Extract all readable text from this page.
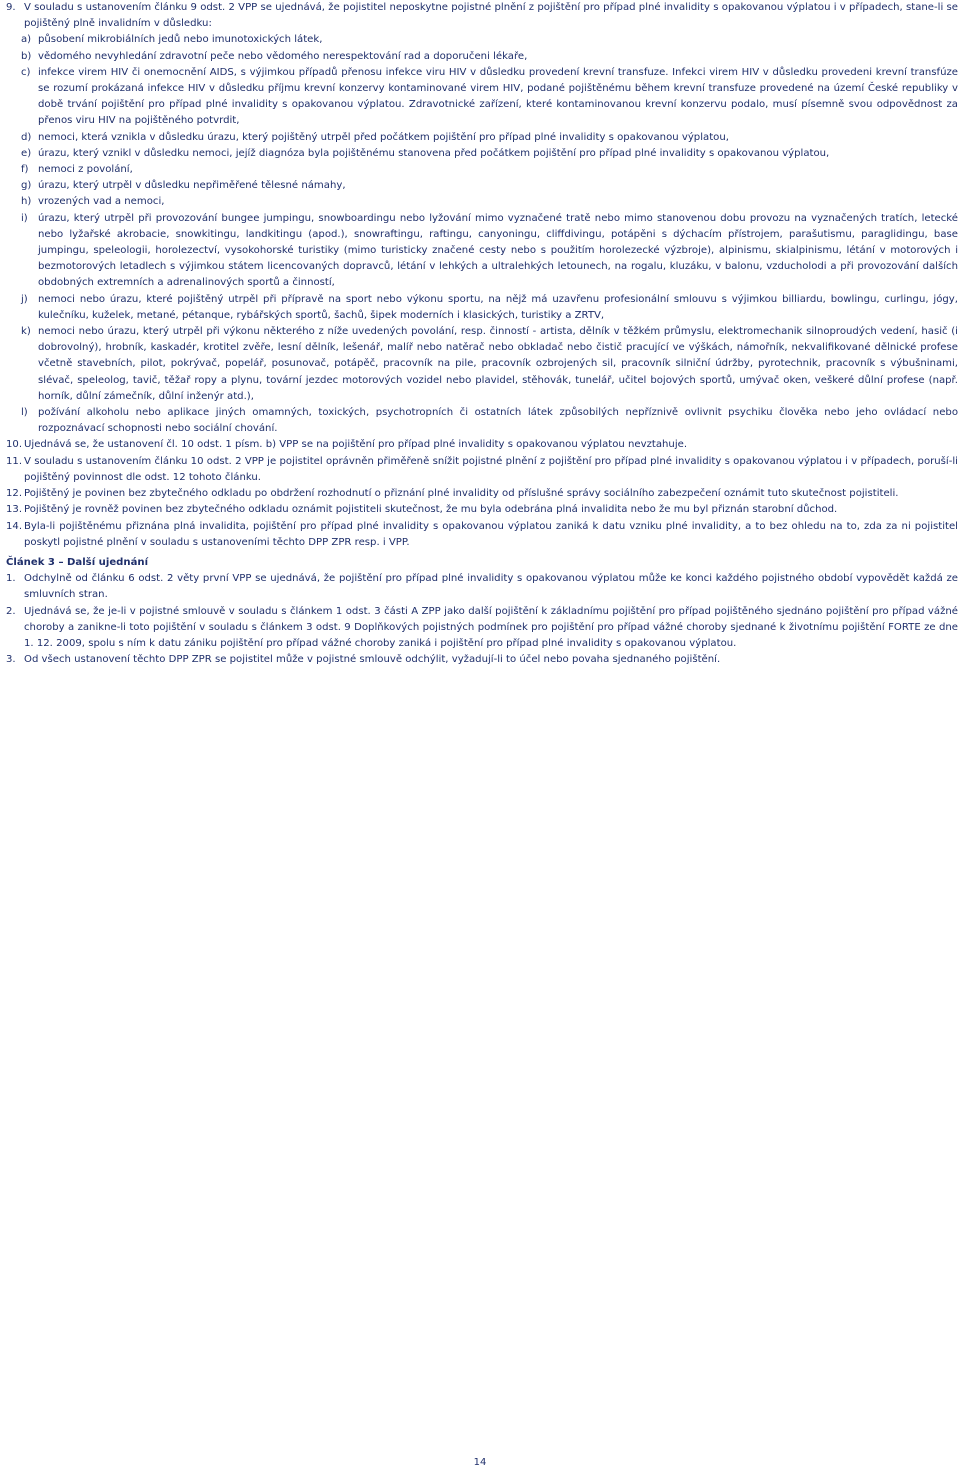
9. V souladu s ustanovením článku 9 odst. 2 VPP se ujednává, že pojistitel neposkytne pojistné plnění z pojištění pro případ plné invalidity s opakovanou výplatou i v případech, stane-li se pojištěný plně invalidním v důsledku:
a) působení mikrobiálních jedů nebo imunotoxických látek,
b) vědomého nevyhledání zdravotní peče nebo vědomého nerespektování rad a doporučeni lékaře,
c) infekce virem HIV či onemocnění AIDS, s výjimkou případů přenosu infekce viru HIV v důsledku provedení krevní transfuze. Infekci virem HIV v důsledku provedeni krevní transfúze se rozumí prokázaná infekce HIV v důsledku příjmu krevní konzervy kontaminované virem HIV, podané pojištěnému během krevní transfuze provedené na území České republiky v době trvání pojištění pro případ plné invalidity s opakovanou výplatou. Zdravotnické zařízení, které kontaminovanou krevní konzervu podalo, musí písemně svou odpovědnost za přenos viru HIV na pojištěného potvrdit,
d) nemoci, která vznikla v důsledku úrazu, který pojištěný utrpěl před počátkem pojištění pro případ plné invalidity s opakovanou výplatou,
e) úrazu, který vznikl v důsledku nemoci, jejíž diagnóza byla pojištěnému stanovena před počátkem pojištění pro případ plné invalidity s opakovanou výplatou,
f) nemoci z povolání,
g) úrazu, který utrpěl v důsledku nepřiměřené tělesné námahy,
h) vrozených vad a nemoci,
i) úrazu, který utrpěl při provozování bungee jumpingu, snowboardingu nebo lyžování mimo vyznačené tratě nebo mimo stanovenou dobu provozu na vyznačených tratích, letecké nebo lyžařské akrobacie, snowkitingu, landkitingu (apod.), snowraftingu, raftingu, canyoningu, cliffdivingu, potápěni s dýchacím přístrojem, parašutismu, paraglidingu, base jumpingu, speleologii, horolezectví, vysokohorské turistiky (mimo turisticky značené cesty nebo s použitím horolezecké výzbroje), alpinismu, skialpinismu, létání v motorových i bezmotorových letadlech s výjimkou státem licencovaných dopravců, létání v lehkých a ultralehkých letounech, na rogalu, kluzáku, v balonu, vzducholodi a při provozování dalších obdobných extremních a adrenalinových sportů a činností,
j) nemoci nebo úrazu, které pojištěný utrpěl při přípravě na sport nebo výkonu sportu, na nějž má uzavřenu profesionální smlouvu s výjimkou billiardu, bowlingu, curlingu, jógy, kulečníku, kuželek, metané, pétanque, rybářských sportů, šachů, šipek moderních i klasických, turistiky a ZRTV,
k) nemoci nebo úrazu, který utrpěl při výkonu některého z níže uvedených povolání, resp. činností - artista, dělník v těžkém průmyslu, elektromechanik silnoproudých vedení, hasič (i dobrovolný), hrobník, kaskadér, krotitel zvěře, lesní dělník, lešenář, malíř nebo natěrač nebo obkladač nebo čistič pracující ve výškách, námořník, nekvalifikované dělnické profese včetně stavebních, pilot, pokrývač, popelář, posunovač, potápěč, pracovník na pile, pracovník ozbrojených sil, pracovník silniční údržby, pyrotechnik, pracovník s výbušninami, slévač, speleolog, tavič, těžař ropy a plynu, tovární jezdec motorových vozidel nebo plavidel, stěhovák, tunelář, učitel bojových sportů, umývač oken, veškeré důlní profese (např. horník, důlní zámečník, důlní inženýr atd.),
l) požívání alkoholu nebo aplikace jiných omamných, toxických, psychotropních či ostatních látek způsobilých nepříznivě ovlivnit psychiku člověka nebo jeho ovládací nebo rozpoznávací schopnosti nebo sociální chování.
10. Ujednává se, že ustanovení čl. 10 odst. 1 písm. b) VPP se na pojištění pro případ plné invalidity s opakovanou výplatou nevztahuje.
11. V souladu s ustanovením článku 10 odst. 2 VPP je pojistitel oprávněn přiměřeně snížit pojistné plnění z pojištění pro případ plné invalidity s opakovanou výplatou i v případech, poruší-li pojištěný povinnost dle odst. 12 tohoto článku.
12. Pojištěný je povinen bez zbytečného odkladu po obdržení rozhodnutí o přiznání plné invalidity od příslušné správy sociálního zabezpečení oznámit tuto skutečnost pojistiteli.
13. Pojištěný je rovněž povinen bez zbytečného odkladu oznámit pojistiteli skutečnost, že mu byla odebrána plná invalidita nebo že mu byl přiznán starobní důchod.
14. Byla-li pojištěnému přiznána plná invalidita, pojištění pro případ plné invalidity s opakovanou výplatou zaniká k datu vzniku plné invalidity, a to bez ohledu na to, zda za ni pojistitel poskytl pojistné plnění v souladu s ustanoveními těchto DPP ZPR resp. i VPP.
Článek 3 – Další ujednání
1. Odchylně od článku 6 odst. 2 věty první VPP se ujednává, že pojištění pro případ plné invalidity s opakovanou výplatou může ke konci každého pojistného období vypovědět každá ze smluvních stran.
2. Ujednává se, že je-li v pojistné smlouvě v souladu s článkem 1 odst. 3 části A ZPP jako další pojištění k základnímu pojištění pro případ pojištěného sjednáno pojištění pro případ vážné choroby a zanikne-li toto pojištění v souladu s článkem 3 odst. 9 Doplňkových pojistných podmínek pro pojištění pro případ vážné choroby sjednané k životnímu pojištění FORTE ze dne 1. 12. 2009, spolu s ním k datu zániku pojištění pro případ vážné choroby zaniká i pojištění pro případ plné invalidity s opakovanou výplatou.
3. Od všech ustanovení těchto DPP ZPR se pojistitel může v pojistné smlouvě odchýlit, vyžadují-li to účel nebo povaha sjednaného pojištění.
14
